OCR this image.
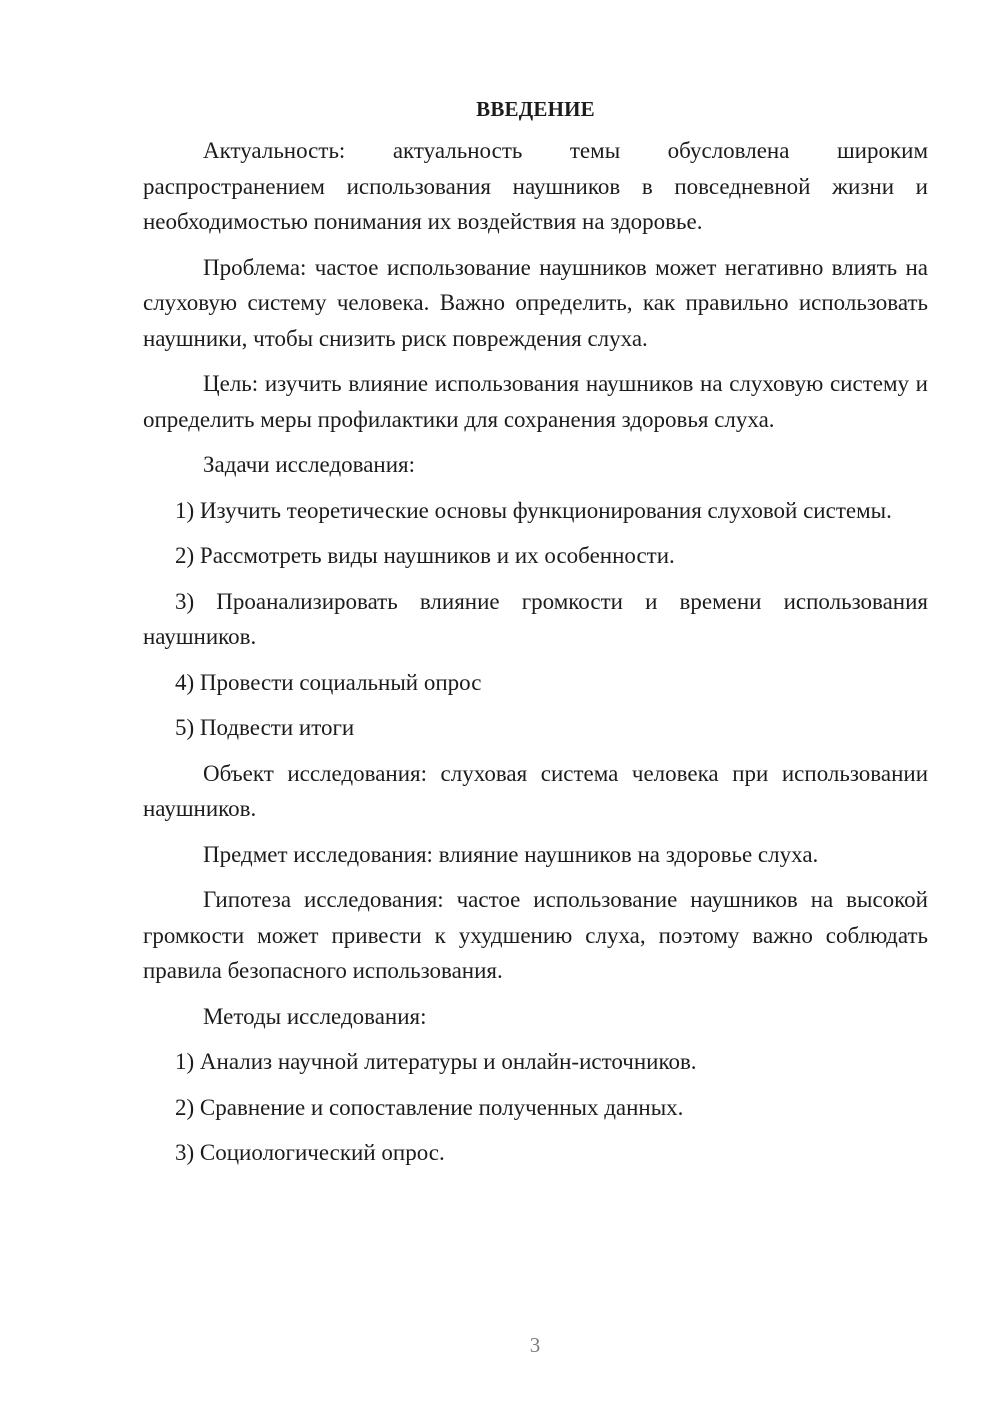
ВВЕДЕНИЕ

Актуальность: актуальность темы обусловлена широким распространением использования наушников в повседневной жизни и необходимостью понимания их воздействия на здоровье.

Проблема: частое использование наушников может негативно влиять на слуховую систему человека. Важно определить, как правильно использовать наушники, чтобы снизить риск повреждения слуха.

Цель: изучить влияние использования наушников на слуховую систему и определить меры профилактики для сохранения здоровья слуха.

Задачи исследования:

1) Изучить теоретические основы функционирования слуховой системы.

2) Рассмотреть виды наушников и их особенности.

3) Проанализировать влияние громкости и времени использования наушников.

4) Провести социальный опрос

5) Подвести итоги

Объект исследования: слуховая система человека при использовании наушников.

Предмет исследования: влияние наушников на здоровье слуха.

Гипотеза исследования: частое использование наушников на высокой громкости может привести к ухудшению слуха, поэтому важно соблюдать правила безопасного использования.

Методы исследования:

1) Анализ научной литературы и онлайн-источников.

2) Сравнение и сопоставление полученных данных.

3) Социологический опрос.

3
